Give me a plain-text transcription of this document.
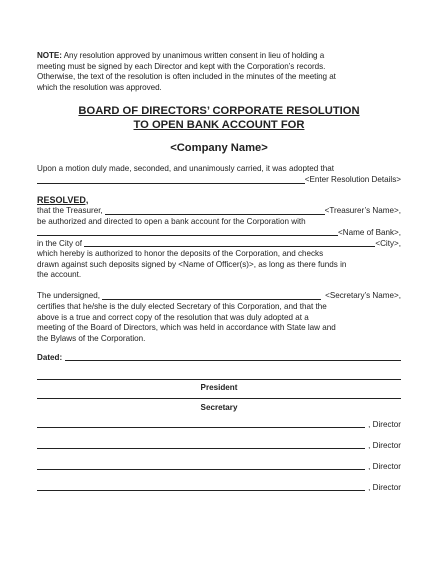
NOTE: Any resolution approved by unanimous written consent in lieu of holding a
meeting must be signed by each Director and kept with the Corporation’s records.
Otherwise, the text of the resolution is often included in the minutes of the meeting at
which the resolution was approved.

BOARD OF DIRECTORS’ CORPORATE RESOLUTION
TO OPEN BANK ACCOUNT FOR
<Company Name>

Upon a motion duly made, seconded, and unanimously carried, it was adopted that

<Enter Resolution Details>
RESOLVED,
that the Treasurer,	<Treasurer’s Name>,

be authorized and directed to open a bank account for the Corporation with

<Name of Bank>,
in the City of	<City>,

which hereby is authorized to honor the deposits of the Corporation, and checks

drawn against such deposits signed by <Name of Officer(s)>, as long as there funds in

the account.

The undersigned,	<Secretary’s Name>,

certifies that he/she is the duly elected Secretary of this Corporation, and that the

above is a true and correct copy of the resolution that was duly adopted at a

meeting of the Board of Directors, which was held in accordance with State law and

the Bylaws of the Corporation.

Dated:
President
Secretary
, Director
, Director
, Director
, Director
